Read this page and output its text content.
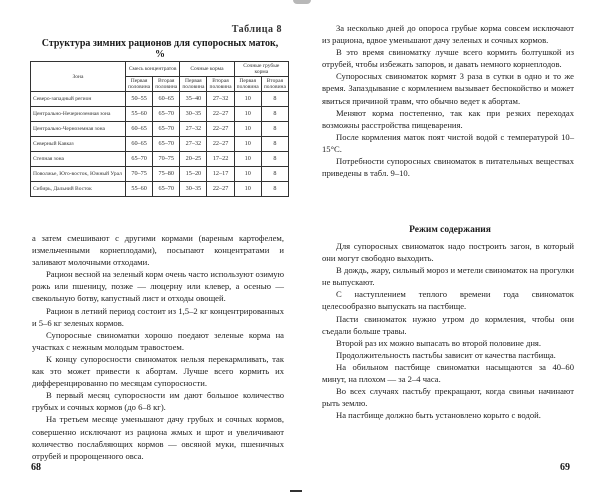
Таблица 8
Структура зимних рационов для супоросных маток, %
Зона	Смесь концентратов		Сочные корма		Сочные грубые корма	
	Первая половина	Вторая половина	Первая половина	Вторая половина	Первая половина	Вторая половина
Северо-западный регион	50–55	60–65	35–40	27–32	10	8
Центрально-Нечерноземная зона	55–60	65–70	30–35	22–27	10	8
Центрально-Черноземная зона	60–65	65–70	27–32	22–27	10	8
Северный Кавказ	60–65	65–70	27–32	22–27	10	8
Степная зона	65–70	70–75	20–25	17–22	10	8
Поволжье, Юго-восток, Южный Урал	70–75	75–80	15–20	12–17	10	8
Сибирь, Дальний Восток	55–60	65–70	30–35	22–27	10	8

а затем смешивают с другими кормами (вареным картофелем, измельченными корнеплодами), посыпают концентратами и заливают молочными отходами.

Рацион весной на зеленый корм очень часто используют озимую рожь или пшеницу, позже — люцерну или клевер, а осенью — свекольную ботву, капустный лист и отходы овощей.

Рацион в летний период состоит из 1,5–2 кг концентрированных и 5–6 кг зеленых кормов.

Супоросные свиноматки хорошо поедают зеленые корма на участках с нежным молодым травостоем.

К концу супоросности свиноматок нельзя перекармливать, так как это может привести к абортам. Лучше всего кормить их дифференцированно по месяцам супоросности.

В первый месяц супоросности им дают большое количество грубых и сочных кормов (до 6–8 кг).

На третьем месяце уменьшают дачу грубых и сочных кормов, совершенно исключают из рациона жмых и шрот и увеличивают количество послабляющих кормов — овсяной муки, пшеничных отрубей и пророщенного овса.

68

За несколько дней до опороса грубые корма совсем исключают из рациона, вдвое уменьшают дачу зеленых и сочных кормов.

В это время свиноматку лучше всего кормить болтушкой из отрубей, чтобы избежать запоров, и давать немного корнеплодов.

Супоросных свиноматок кормят 3 раза в сутки в одно и то же время. Запаздывание с кормлением вызывает беспокойство и может явиться причиной травм, что обычно ведет к абортам.

Меняют корма постепенно, так как при резких переходах возможны расстройства пищеварения.

После кормления маток поят чистой водой с температурой 10–15°С.

Потребности супоросных свиноматок в питательных веществах приведены в табл. 9–10.

Режим содержания

Для супоросных свиноматок надо построить загон, в который они могут свободно выходить.

В дождь, жару, сильный мороз и метели свиноматок на прогулки не выпускают.

С наступлением теплого времени года свиноматок целесообразно выпускать на пастбище.

Пасти свиноматок нужно утром до кормления, чтобы они съедали больше травы.

Второй раз их можно выпасать во второй половине дня.

Продолжительность пастьбы зависит от качества пастбища.

На обильном пастбище свиноматки насыщаются за 40–60 минут, на плохом — за 2–4 часа.

Во всех случаях пастьбу прекращают, когда свиньи начинают рыть землю.

На пастбище должно быть установлено корыто с водой.

69
